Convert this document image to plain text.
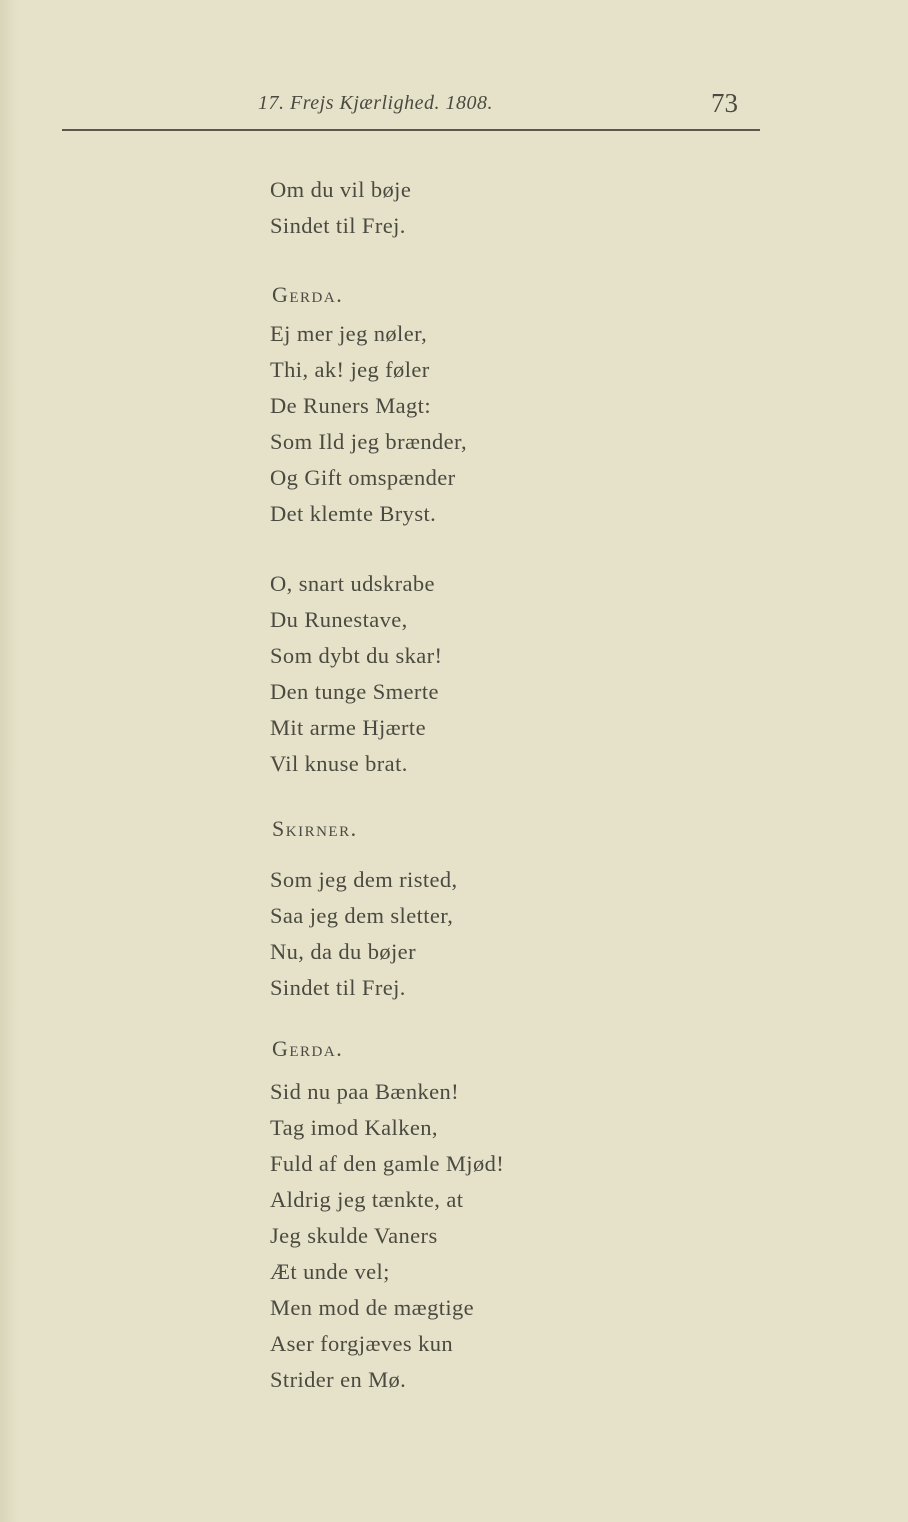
17. Frejs Kjærlighed. 1808.	73
Om du vil bøje
Sindet til Frej.
Gerda.
Ej mer jeg nøler,
Thi, ak! jeg føler
De Runers Magt:
Som Ild jeg brænder,
Og Gift omspænder
Det klemte Bryst.
O, snart udskrabe
Du Runestave,
Som dybt du skar!
Den tunge Smerte
Mit arme Hjærte
Vil knuse brat.
Skirner.
Som jeg dem risted,
Saa jeg dem sletter,
Nu, da du bøjer
Sindet til Frej.
Gerda.
Sid nu paa Bænken!
Tag imod Kalken,
Fuld af den gamle Mjød!
Aldrig jeg tænkte, at
Jeg skulde Vaners
Æt unde vel;
Men mod de mægtige
Aser forgjæves kun
Strider en Mø.
